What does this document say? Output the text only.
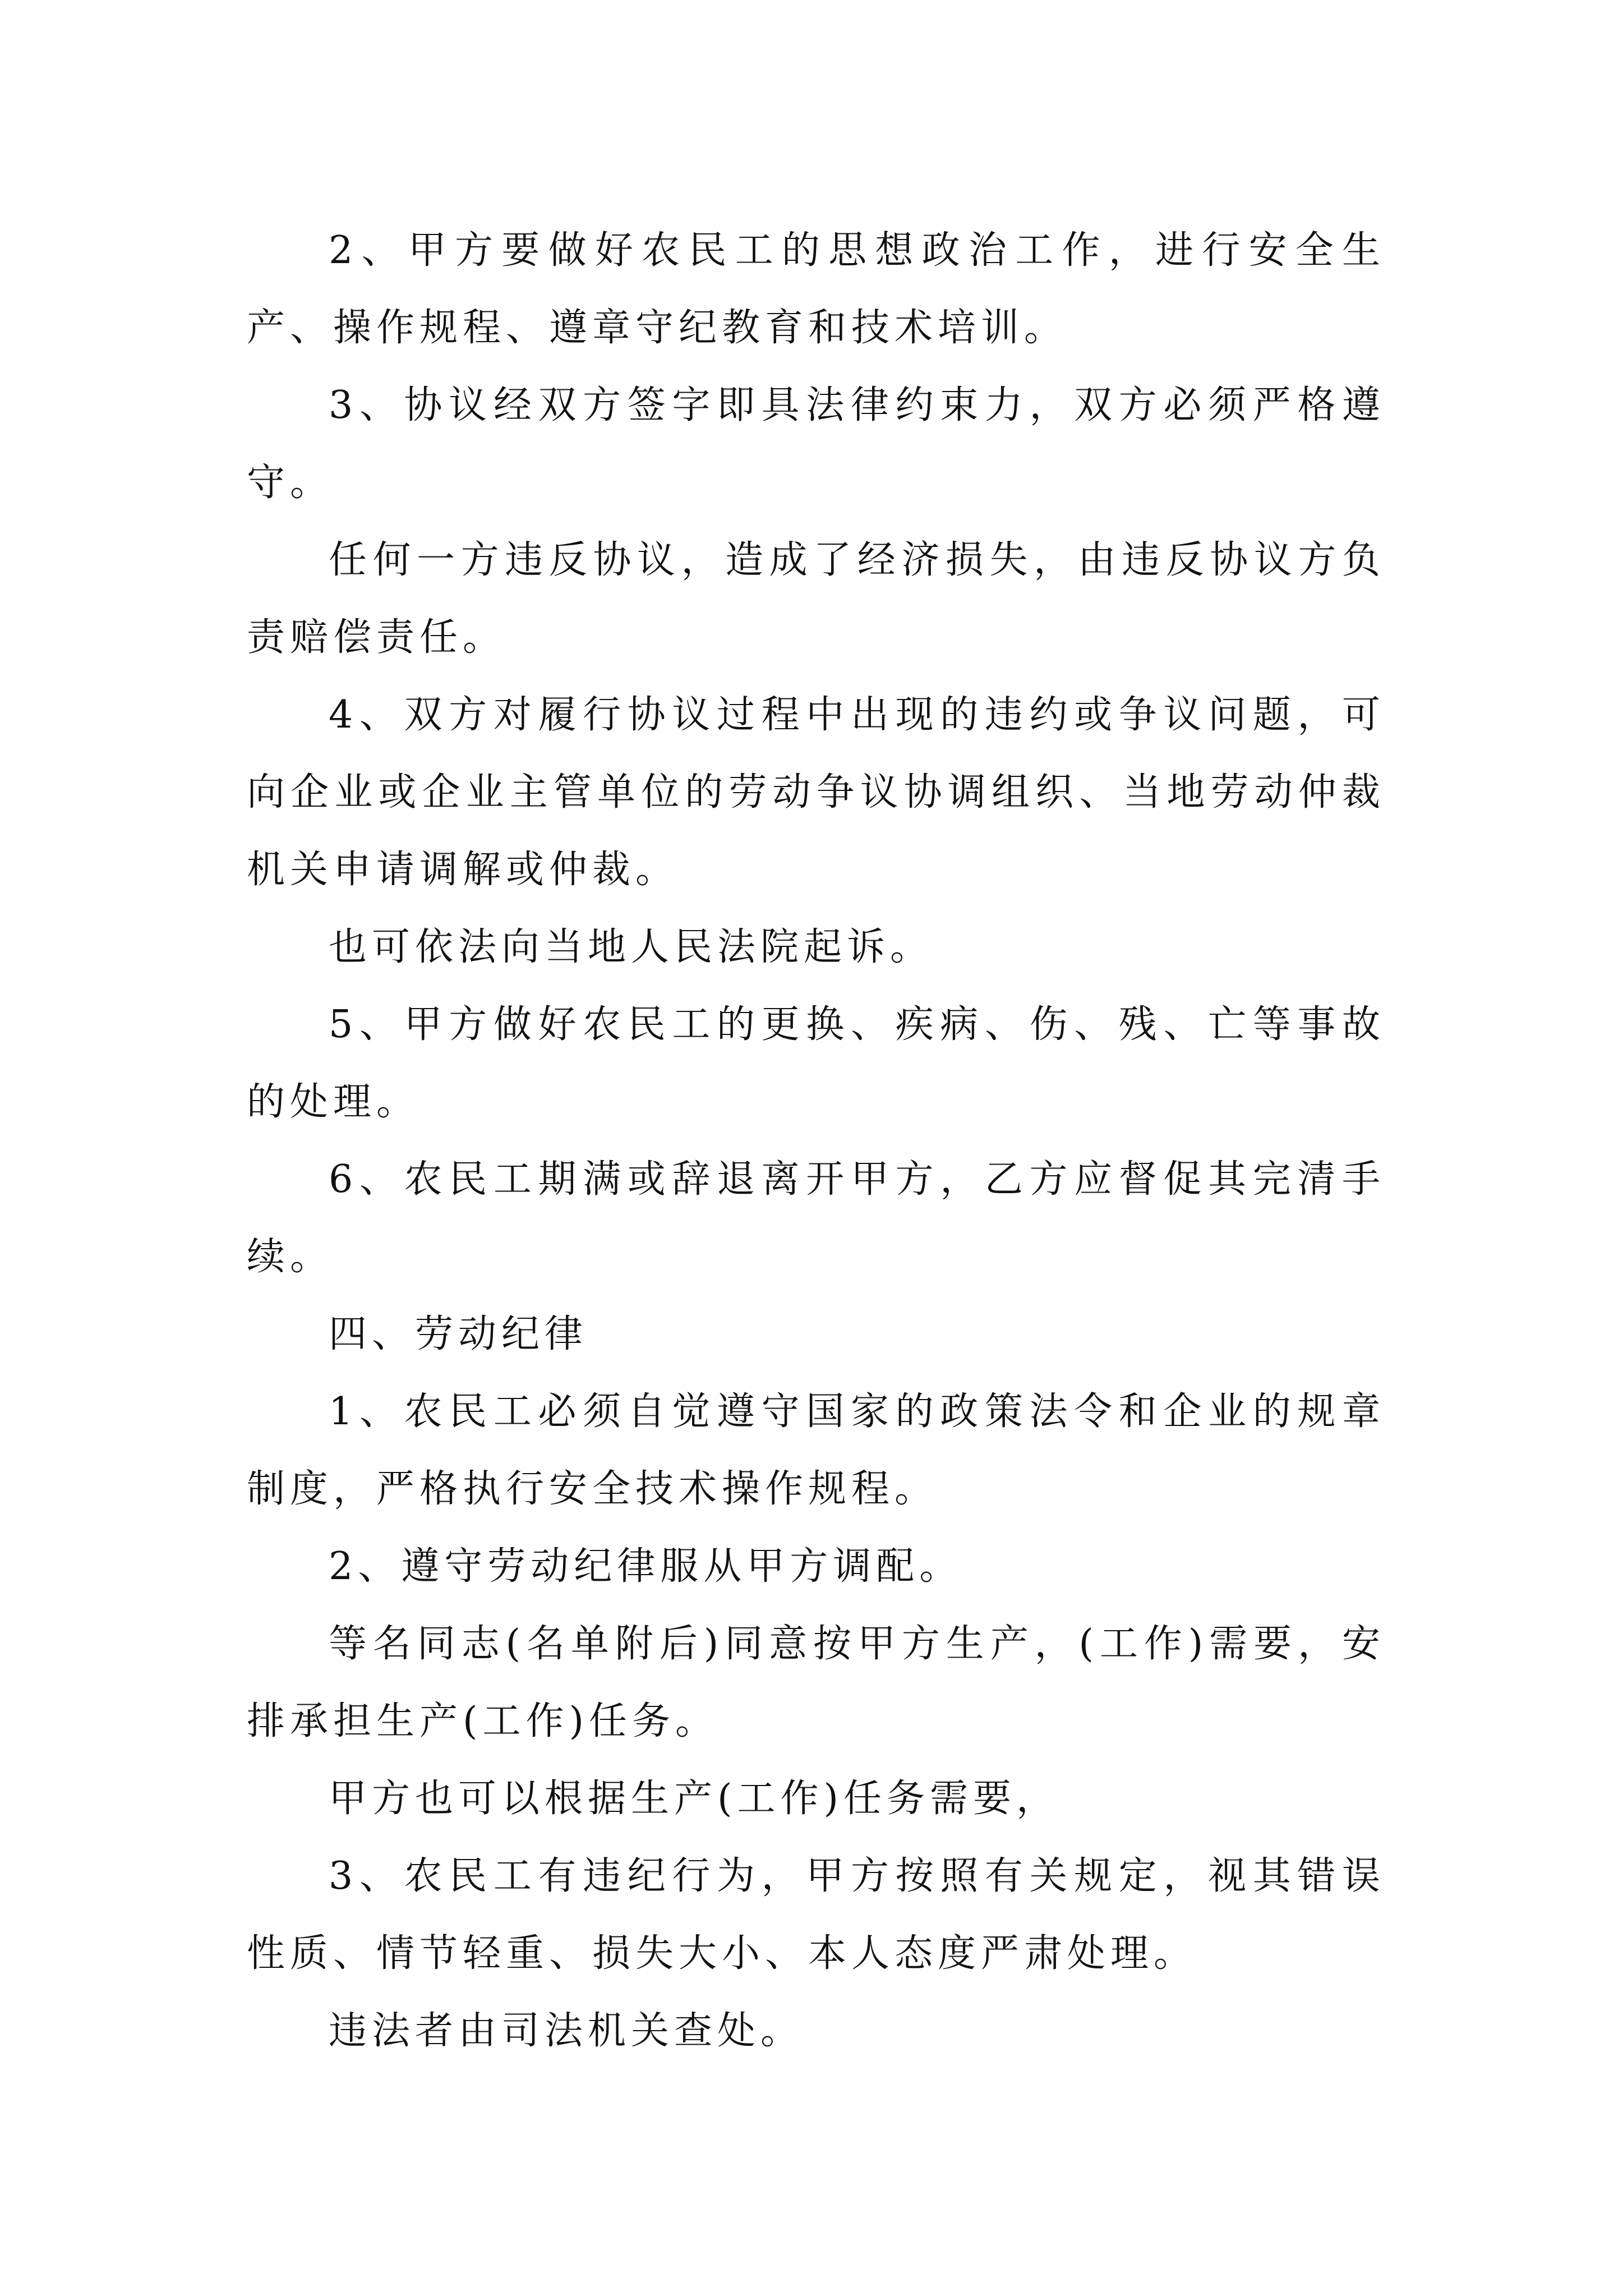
2、甲方要做好农民工的思想政治工作，进行安全生产、操作规程、遵章守纪教育和技术培训。

3、协议经双方签字即具法律约束力，双方必须严格遵守。

任何一方违反协议，造成了经济损失，由违反协议方负责赔偿责任。

4、双方对履行协议过程中出现的违约或争议问题，可向企业或企业主管单位的劳动争议协调组织、当地劳动仲裁机关申请调解或仲裁。

也可依法向当地人民法院起诉。

5、甲方做好农民工的更换、疾病、伤、残、亡等事故的处理。

6、农民工期满或辞退离开甲方，乙方应督促其完清手续。

四、劳动纪律

1、农民工必须自觉遵守国家的政策法令和企业的规章制度，严格执行安全技术操作规程。

2、遵守劳动纪律服从甲方调配。

等名同志(名单附后)同意按甲方生产，(工作)需要，安排承担生产(工作)任务。

甲方也可以根据生产(工作)任务需要，

3、农民工有违纪行为，甲方按照有关规定，视其错误性质、情节轻重、损失大小、本人态度严肃处理。

违法者由司法机关查处。
